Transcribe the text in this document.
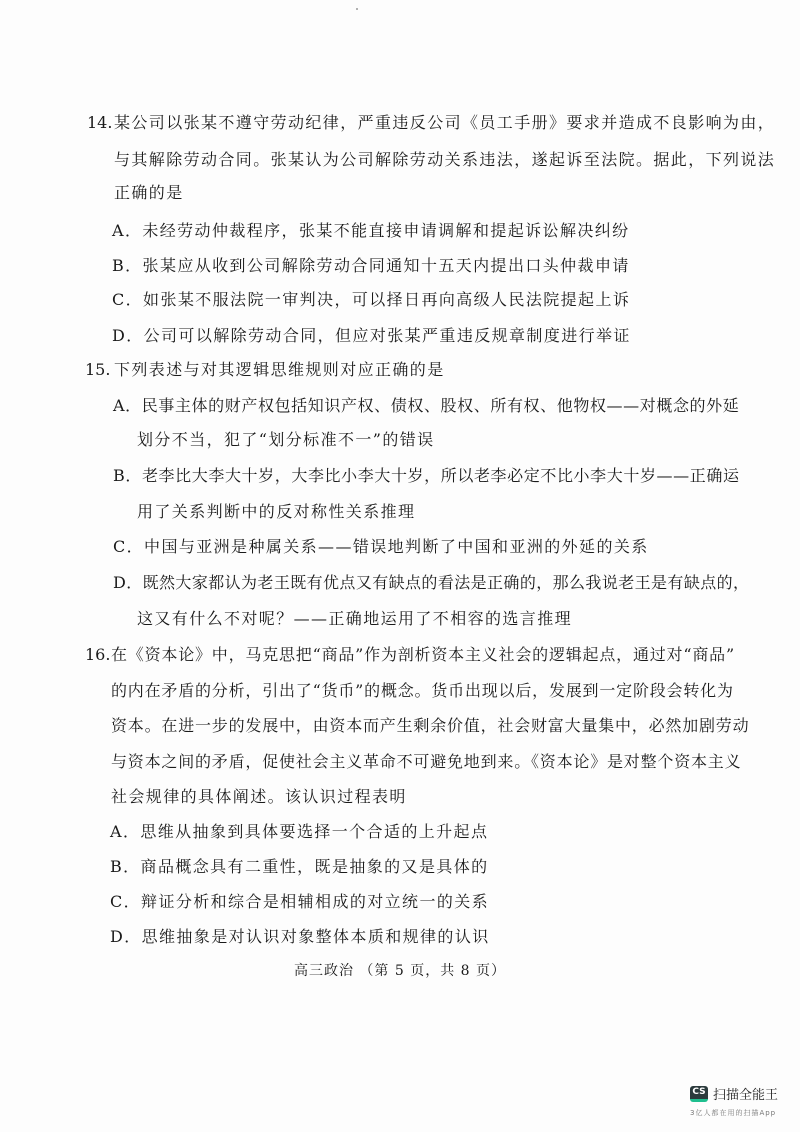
14. 某公司以张某不遵守劳动纪律，严重违反公司《员工手册》要求并造成不良影响为由，
与其解除劳动合同。张某认为公司解除劳动关系违法，遂起诉至法院。据此，下列说法
正确的是
A．未经劳动仲裁程序，张某不能直接申请调解和提起诉讼解决纠纷
B．张某应从收到公司解除劳动合同通知十五天内提出口头仲裁申请
C．如张某不服法院一审判决，可以择日再向高级人民法院提起上诉
D．公司可以解除劳动合同，但应对张某严重违反规章制度进行举证
15. 下列表述与对其逻辑思维规则对应正确的是
A．民事主体的财产权包括知识产权、债权、股权、所有权、他物权——对概念的外延
划分不当，犯了“划分标准不一”的错误
B．老李比大李大十岁，大李比小李大十岁，所以老李必定不比小李大十岁——正确运
用了关系判断中的反对称性关系推理
C．中国与亚洲是种属关系——错误地判断了中国和亚洲的外延的关系
D．既然大家都认为老王既有优点又有缺点的看法是正确的，那么我说老王是有缺点的，
这又有什么不对呢？——正确地运用了不相容的选言推理
16. 在《资本论》中，马克思把“商品”作为剖析资本主义社会的逻辑起点，通过对“商品”
的内在矛盾的分析，引出了“货币”的概念。货币出现以后，发展到一定阶段会转化为
资本。在进一步的发展中，由资本而产生剩余价值，社会财富大量集中，必然加剧劳动
与资本之间的矛盾，促使社会主义革命不可避免地到来。《资本论》是对整个资本主义
社会规律的具体阐述。该认识过程表明
A．思维从抽象到具体要选择一个合适的上升起点
B．商品概念具有二重性，既是抽象的又是具体的
C．辩证分析和综合是相辅相成的对立统一的关系
D．思维抽象是对认识对象整体本质和规律的认识
高三政治 （第 5 页，共 8 页）
CS 扫描全能王
3亿人都在用的扫描App
